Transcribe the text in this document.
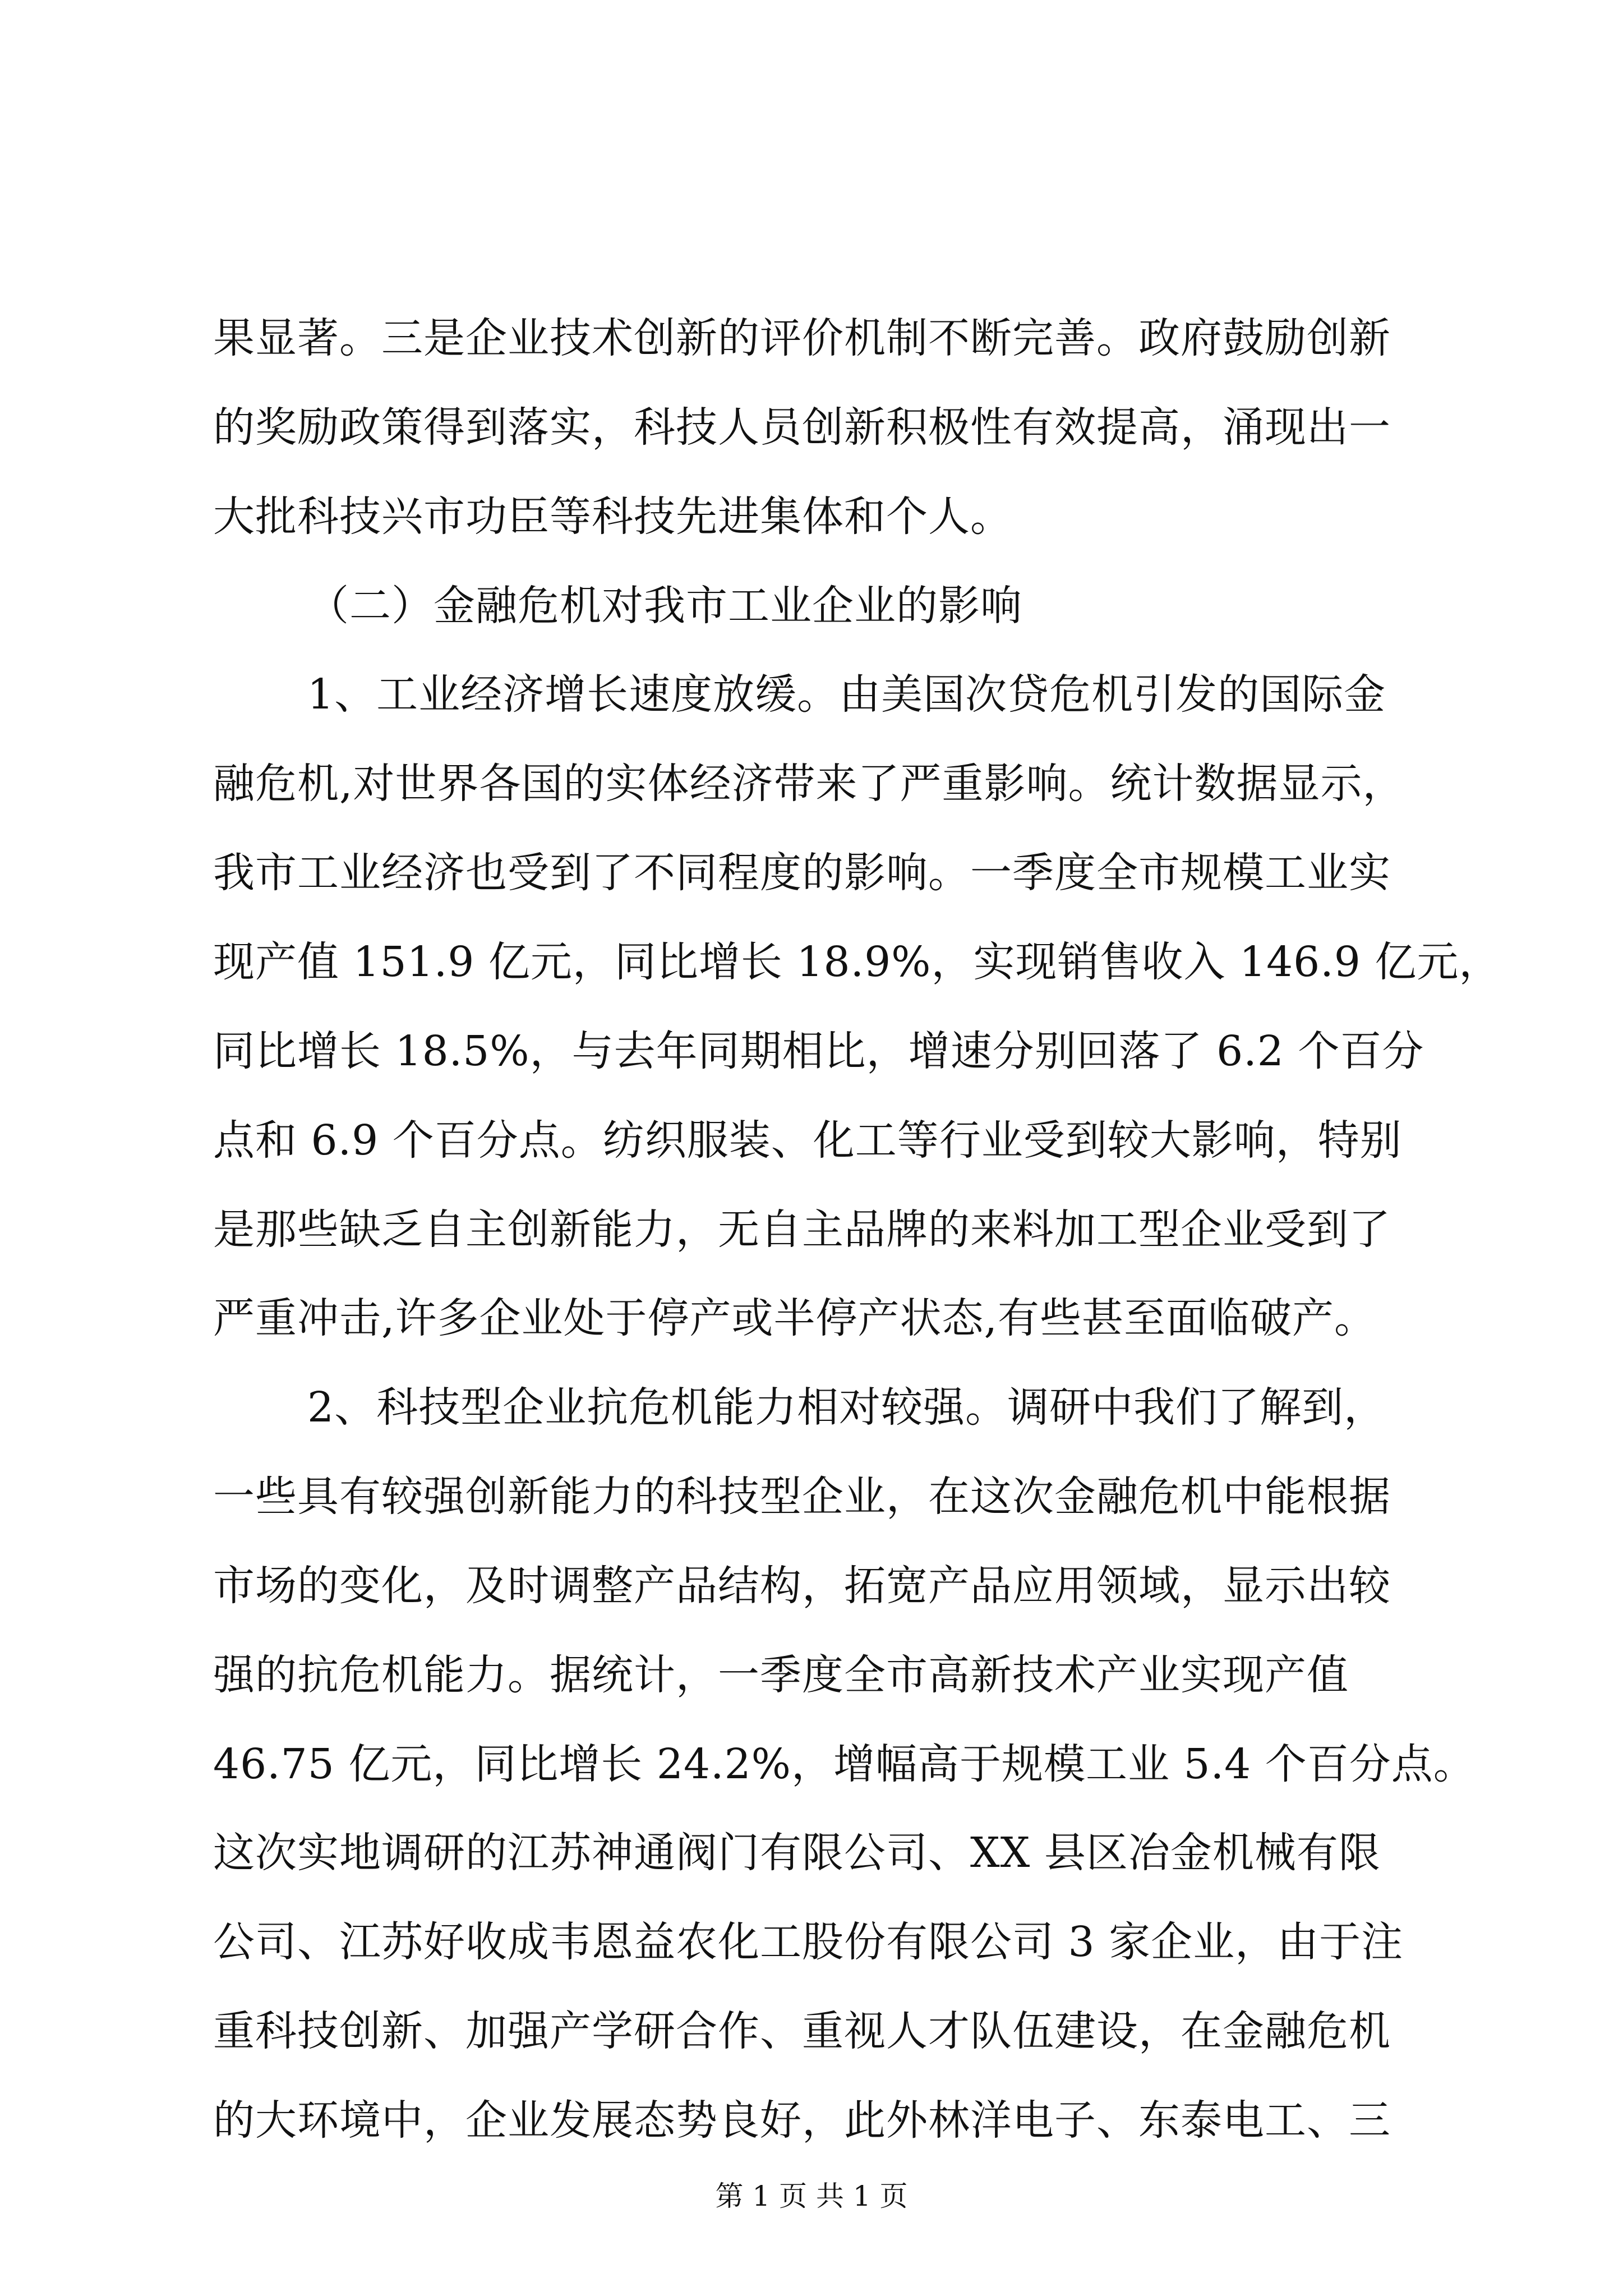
果显著。三是企业技术创新的评价机制不断完善。政府鼓励创新
的奖励政策得到落实，科技人员创新积极性有效提高，涌现出一
大批科技兴市功臣等科技先进集体和个人。
（二）金融危机对我市工业企业的影响
1、工业经济增长速度放缓。由美国次贷危机引发的国际金
融危机,对世界各国的实体经济带来了严重影响。统计数据显示，
我市工业经济也受到了不同程度的影响。一季度全市规模工业实
现产值 151.9 亿元，同比增长 18.9%，实现销售收入 146.9 亿元，
同比增长 18.5%，与去年同期相比，增速分别回落了 6.2 个百分
点和 6.9 个百分点。纺织服装、化工等行业受到较大影响，特别
是那些缺乏自主创新能力，无自主品牌的来料加工型企业受到了
严重冲击,许多企业处于停产或半停产状态,有些甚至面临破产。
2、科技型企业抗危机能力相对较强。调研中我们了解到，
一些具有较强创新能力的科技型企业，在这次金融危机中能根据
市场的变化，及时调整产品结构，拓宽产品应用领域，显示出较
强的抗危机能力。据统计，一季度全市高新技术产业实现产值
46.75 亿元，同比增长 24.2%，增幅高于规模工业 5.4 个百分点。
这次实地调研的江苏神通阀门有限公司、XX 县区冶金机械有限
公司、江苏好收成韦恩益农化工股份有限公司 3 家企业，由于注
重科技创新、加强产学研合作、重视人才队伍建设，在金融危机
的大环境中，企业发展态势良好，此外林洋电子、东泰电工、三
第 1 页 共 1 页
